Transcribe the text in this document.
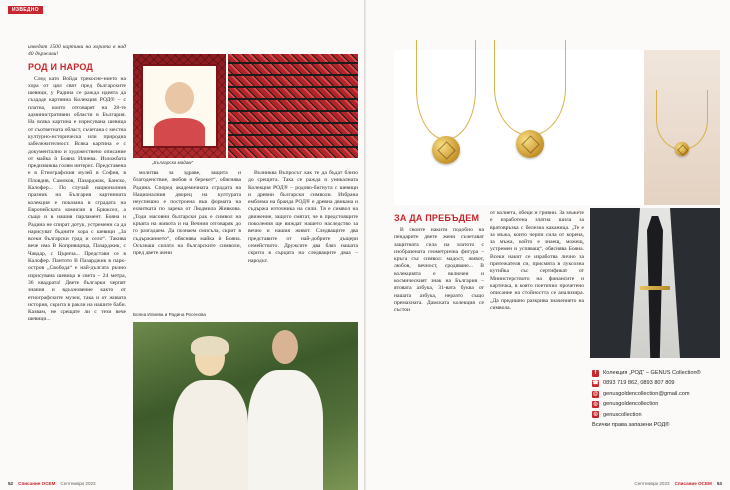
ИЗВЕДНО

изведат 1500 картини на хората в над 40 държави!

РОД И НАРОД

След като Войда трекосне-нието на хора от цял свят пред българските шевици, у Радина се ражда идеята да създаде картинна Колекция РОД® – с платна, които отговарят на 28-те административни области в България. На всяка картина е изрисувана шевица от съответната област, съчетана с местна културно-историческа или природна забележителност. Всяка картина е с документално и художествено описание от майка ѝ Бояна Илиева. Изложбата предизвиква голям интерес. Представена е в Етнографския музей в София, в Пловдив, Самоков, Пазарджик, Банско, Калофер... По случай националния празник на България картинната колекция е показана в сградата на Европейската комисия в Брюксел, а също и в нашия парламент. Бояна и Радина не спират дотук, устремени са да нарисуват бъдните хора с шевици „За всеки български град и село“. Такива вече има В Копривщица, Пазарджик, с Чавдар, с Църнча... Представи се в Калофер. Пантото В Пазарджик в парк-остров „Свобода“ е най-дългата ръчно изрисувана шевица в света – 24 метра, 36 квадрата! Двете българки черпят знания и вдъхновение както от етнографските музеи, така и от живата история, скрита в ракли на нашите баби. Казвам, не срещате ли с тези вече шевици...

„Българска мадам“

молитва за здраве, защита и благоденствие, любов и берекет“, обяснява Радина. Според академичната сградата на Националния дворец на културата неуспешно е построена във формата на ехвитката по зарека от Людмила Живкова. „Тоди масовни български рак е символ на кръвта на живота и на Вечния отговаряк до го разгадаем. Да познаем смисъла, скрит в съдържанието“, обяснява майка ѝ Бояна. Осъзнаш силата на българските символи, пред двете жени

Възниква Въпросът как те да бъдат близо до срещита. Така се ражда и уникалната Колекция РОД® – родово-бигнута с шевици и древни български символи. Избрана емблема на бранда РОД® е древна двикана и съдържа източника на сили. Тя е символ на движение, защото смятат, че в предстоящите поколения ще виждат нашето наследство за вечно и нашия живот. Следващите два представите от най-добрите дъщери семейството. Дружсите два бляз нашата скрита в сърцата на следващите дваа – народът.

Бояна Илиева и Радина Росенова
52 Списание ОСЕМ Септември 2023
ЗА ДА ПРЕБЪДЕМ

В своите накити подобно на пендарите двете жени съчетават защитната сила на златото с изобразената геометрична фигура – кръга със символ: мадост, живот, любов, вечност, сродяване... В колекцията е включен и космическият знак на България – ятовата азбука, 31-вата буква от нашата азбука, неразто също премахната. Дамската колекция се състои

от колиета, обеци и гривни. За мъжете е изработена златна шила за вратовръзка с белезна каканица. „Те е за мъжа, които черпи сила от корена, за мъжа, който е знаещ, можещ, устремен и успяващ“, обяснява Бояна. Всеки накит се изработва лично за притежателя си, присмята в луксозна кутийка със сертификат от Министерството на финансите и картичка, в която поетично прочетено описание на стойността се анализира. „Да предишно разкрива значението на символа.

f	Колекция „РОД“ – GENUS Collection®
☎ 0893 719 862, 0893 807 809
@ genusgoldencollection@gmail.com
◎ genusgoldencollection
◎ genuscollection
Всички права запазени РОД®
Септември 2023 Списание ОСЕМ 53
